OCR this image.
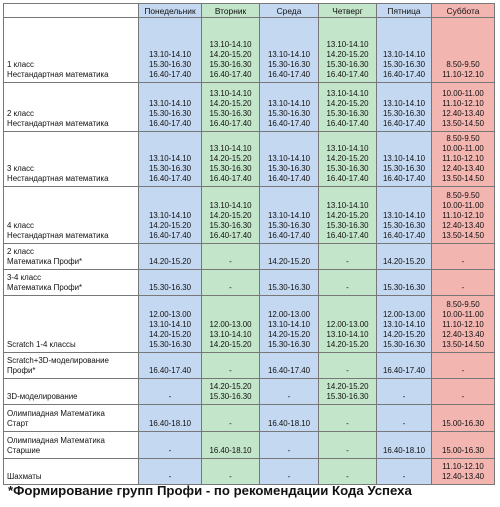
	Понедельник	Вторник	Среда	Четверг	Пятница	Суббота

1 класс
Нестандартная математика	13.10-14.10
15.30-16.30
16.40-17.40	13.10-14.10
14.20-15.20
15.30-16.30
16.40-17.40	13.10-14.10
15.30-16.30
16.40-17.40	13.10-14.10
14.20-15.20
15.30-16.30
16.40-17.40	13.10-14.10
15.30-16.30
16.40-17.40	8.50-9.50
11.10-12.10

2 класс
Нестандартная математика	13.10-14.10
15.30-16.30
16.40-17.40	13.10-14.10
14.20-15.20
15.30-16.30
16.40-17.40	13.10-14.10
15.30-16.30
16.40-17.40	13.10-14.10
14.20-15.20
15.30-16.30
16.40-17.40	13.10-14.10
15.30-16.30
16.40-17.40	10.00-11.00
11.10-12.10
12.40-13.40
13.50-14.50

3 класс
Нестандартная математика	13.10-14.10
15.30-16.30
16.40-17.40	13.10-14.10
14.20-15.20
15.30-16.30
16.40-17.40	13.10-14.10
15.30-16.30
16.40-17.40	13.10-14.10
14.20-15.20
15.30-16.30
16.40-17.40	13.10-14.10
15.30-16.30
16.40-17.40	8.50-9.50
10.00-11.00
11.10-12.10
12.40-13.40
13.50-14.50

4 класс
Нестандартная математика	13.10-14.10
14.20-15.20
16.40-17.40	13.10-14.10
14.20-15.20
15.30-16.30
16.40-17.40	13.10-14.10
15.30-16.30
16.40-17.40	13.10-14.10
14.20-15.20
15.30-16.30
16.40-17.40	13.10-14.10
15.30-16.30
16.40-17.40	8.50-9.50
10.00-11.00
11.10-12.10
12.40-13.40
13.50-14.50

2 класс
Математика Профи*	14.20-15.20	-	14.20-15.20	-	14.20-15.20	-

3-4 класс
Математика Профи*	15.30-16.30	-	15.30-16.30	-	15.30-16.30	-

Scratch 1-4 классы	12.00-13.00
13.10-14.10
14.20-15.20
15.30-16.30	12.00-13.00
13.10-14.10
14.20-15.20	12.00-13.00
13.10-14.10
14.20-15.20
15.30-16.30	12.00-13.00
13.10-14.10
14.20-15.20	12.00-13.00
13.10-14.10
14.20-15.20
15.30-16.30	8.50-9.50
10.00-11.00
11.10-12.10
12.40-13.40
13.50-14.50

Scratch+3D-моделирование
Профи*	16.40-17.40	-	16.40-17.40	-	16.40-17.40	-

3D-моделирование	-	14.20-15.20
15.30-16.30	-	14.20-15.20
15.30-16.30	-	-

Олимпиадная Математика
Старт	16.40-18.10	-	16.40-18.10	-	-	15.00-16.30

Олимпиадная Математика
Старшие	-	16.40-18.10	-	-	16.40-18.10	15.00-16.30

Шахматы	-	-	-	-	-	11.10-12.10
12.40-13.40
*Формирование групп Профи - по рекомендации Кода Успеха
